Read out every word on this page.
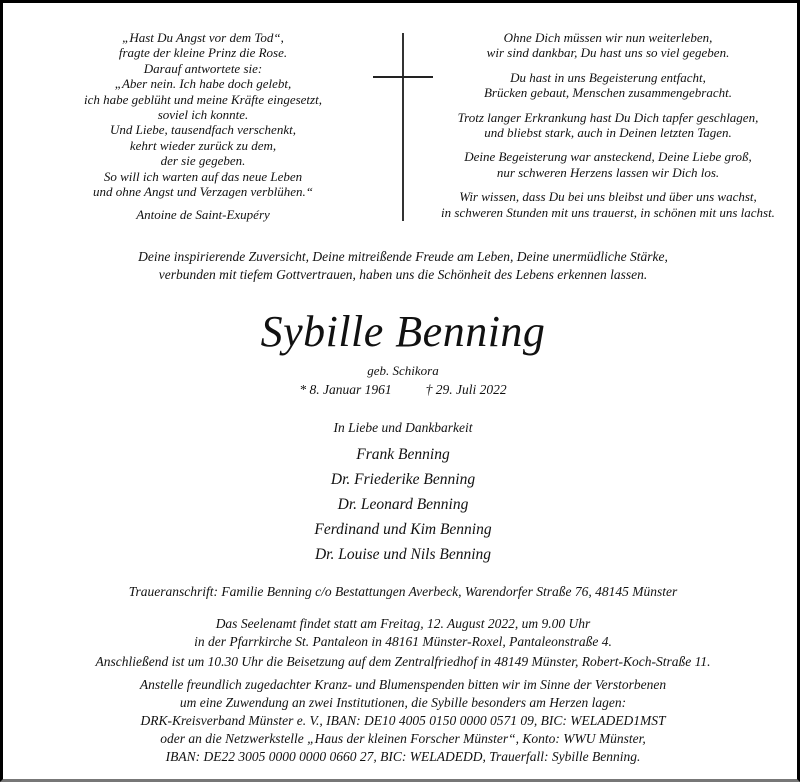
„Hast Du Angst vor dem Tod“,
fragte der kleine Prinz die Rose.
Darauf antwortete sie:
„Aber nein. Ich habe doch gelebt,
ich habe geblüht und meine Kräfte eingesetzt,
soviel ich konnte.
Und Liebe, tausendfach verschenkt,
kehrt wieder zurück zu dem,
der sie gegeben.
So will ich warten auf das neue Leben
und ohne Angst und Verzagen verblühen.“
Antoine de Saint-Exupéry
Ohne Dich müssen wir nun weiterleben,
wir sind dankbar, Du hast uns so viel gegeben.
Du hast in uns Begeisterung entfacht,
Brücken gebaut, Menschen zusammengebracht.
Trotz langer Erkrankung hast Du Dich tapfer geschlagen,
und bliebst stark, auch in Deinen letzten Tagen.
Deine Begeisterung war ansteckend, Deine Liebe groß,
nur schweren Herzens lassen wir Dich los.
Wir wissen, dass Du bei uns bleibst und über uns wachst,
in schweren Stunden mit uns trauerst, in schönen mit uns lachst.
Deine inspirierende Zuversicht, Deine mitreißende Freude am Leben, Deine unermüdliche Stärke,
verbunden mit tiefem Gottvertrauen, haben uns die Schönheit des Lebens erkennen lassen.
Sybille Benning
geb. Schikora
* 8. Januar 1961	† 29. Juli 2022
In Liebe und Dankbarkeit
Frank Benning
Dr. Friederike Benning
Dr. Leonard Benning
Ferdinand und Kim Benning
Dr. Louise und Nils Benning
Traueranschrift: Familie Benning c/o Bestattungen Averbeck, Warendorfer Straße 76, 48145 Münster
Das Seelenamt findet statt am Freitag, 12. August 2022, um 9.00 Uhr
in der Pfarrkirche St. Pantaleon in 48161 Münster-Roxel, Pantaleonstraße 4.
Anschließend ist um 10.30 Uhr die Beisetzung auf dem Zentralfriedhof in 48149 Münster, Robert-Koch-Straße 11.
Anstelle freundlich zugedachter Kranz- und Blumenspenden bitten wir im Sinne der Verstorbenen
um eine Zuwendung an zwei Institutionen, die Sybille besonders am Herzen lagen:
DRK-Kreisverband Münster e. V., IBAN: DE10 4005 0150 0000 0571 09, BIC: WELADED1MST
oder an die Netzwerkstelle „Haus der kleinen Forscher Münster“, Konto: WWU Münster,
IBAN: DE22 3005 0000 0000 0660 27, BIC: WELADEDD, Trauerfall: Sybille Benning.
